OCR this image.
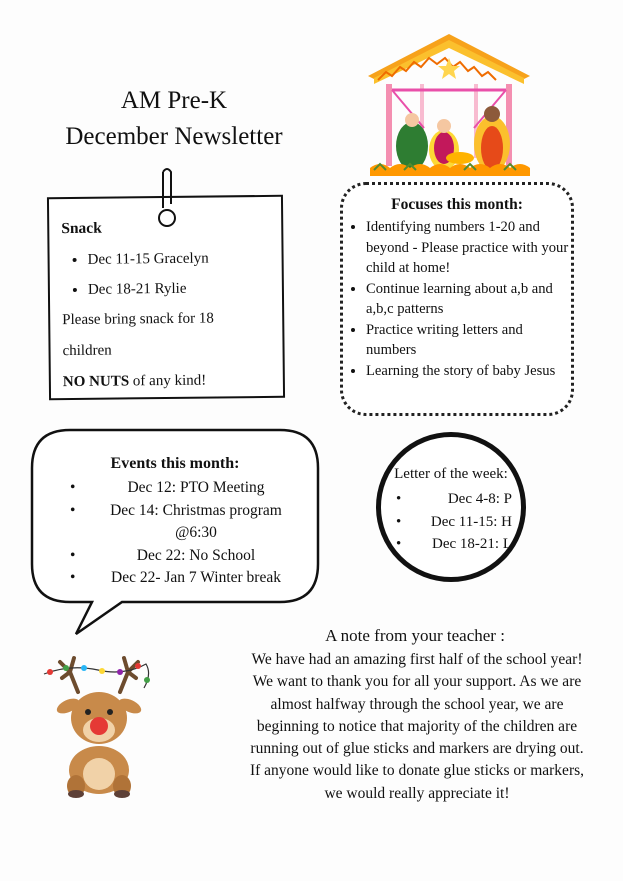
AM Pre-K
December Newsletter
Snack
• Dec 11-15 Gracelyn
• Dec 18-21 Rylie
Please bring snack for 18
children
NO NUTS of any kind!
Focuses this month:
• Identifying numbers 1-20 and beyond - Please practice with your child at home!
• Continue learning about a,b and a,b,c patterns
• Practice writing letters and numbers
• Learning the story of baby Jesus
Events this month:
• Dec 12: PTO Meeting
• Dec 14: Christmas program
@6:30
• Dec 22: No School
• Dec 22- Jan 7 Winter break
Letter of the week:
• Dec 4-8: P
• Dec 11-15: H
• Dec 18-21: L
A note from your teacher :
We have had an amazing first half of the school year!
We want to thank you for all your support. As we are
almost halfway through the school year, we are
beginning to notice that majority of the children are
running out of glue sticks and markers are drying out.
If anyone would like to donate glue sticks or markers,
we would really appreciate it!
